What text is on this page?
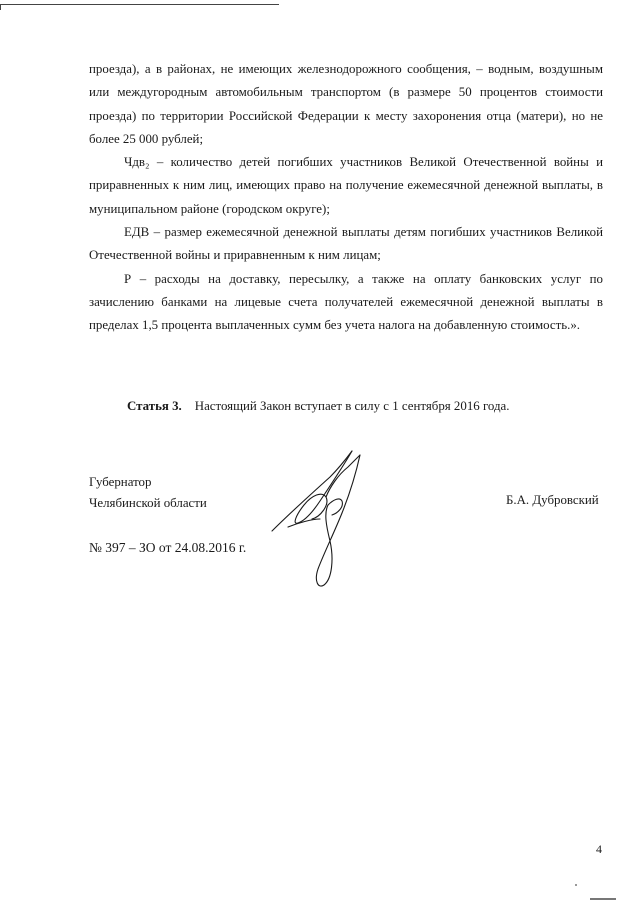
проезда), а в районах, не имеющих железнодорожного сообщения, – водным, воздушным или междугородным автомобильным транспортом (в размере 50 процентов стоимости проезда) по территории Российской Федерации к месту захоронения отца (матери), но не более 25 000 рублей;

Чдв₂ – количество детей погибших участников Великой Отечественной войны и приравненных к ним лиц, имеющих право на получение ежемесячной денежной выплаты, в муниципальном районе (городском округе);

ЕДВ – размер ежемесячной денежной выплаты детям погибших участников Великой Отечественной войны и приравненным к ним лицам;

Р – расходы на доставку, пересылку, а также на оплату банковских услуг по зачислению банками на лицевые счета получателей ежемесячной денежной выплаты в пределах 1,5 процента выплаченных сумм без учета налога на добавленную стоимость.».

Статья 3. Настоящий Закон вступает в силу с 1 сентября 2016 года.
Губернатор
Челябинской области	Б.А. Дубровский
№ 397 – ЗО от 24.08.2016 г.
4
